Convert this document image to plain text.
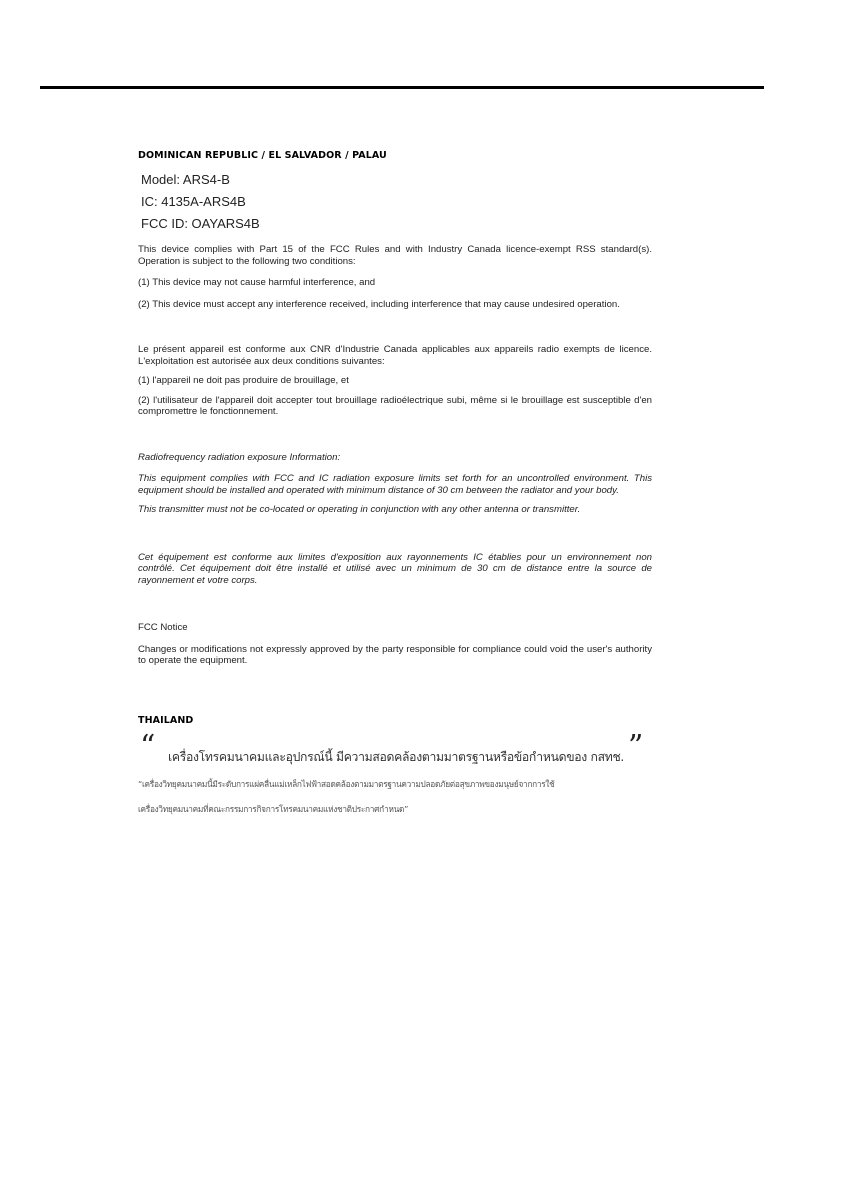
DOMINICAN REPUBLIC / EL SALVADOR / PALAU
Model: ARS4-B
IC: 4135A-ARS4B
FCC ID: OAYARS4B

This device complies with Part 15 of the FCC Rules and with Industry Canada licence-exempt RSS standard(s). Operation is subject to the following two conditions:

(1) This device may not cause harmful interference, and

(2) This device must accept any interference received, including interference that may cause undesired operation.

Le présent appareil est conforme aux CNR d'Industrie Canada applicables aux appareils radio exempts de licence. L'exploitation est autorisée aux deux conditions suivantes:

(1) l'appareil ne doit pas produire de brouillage, et

(2) l'utilisateur de l'appareil doit accepter tout brouillage radioélectrique subi, même si le brouillage est susceptible d'en compromettre le fonctionnement.

Radiofrequency radiation exposure Information:

This equipment complies with FCC and IC radiation exposure limits set forth for an uncontrolled environment. This equipment should be installed and operated with minimum distance of 30 cm between the radiator and your body.

This transmitter must not be co-located or operating in conjunction with any other antenna or transmitter.

Cet équipement est conforme aux limites d'exposition aux rayonnements IC établies pour un environnement non contrôlé. Cet équipement doit être installé et utilisé avec un minimum de 30 cm de distance entre la source de rayonnement et votre corps.

FCC Notice

Changes or modifications not expressly approved by the party responsible for compliance could void the user's authority to operate the equipment.

THAILAND
“ เครื่องโทรคมนาคมและอุปกรณ์นี้ มีความสอดคล้องตามมาตรฐานหรือข้อกำหนดของ กสทช. ”
“เครื่องวิทยุคมนาคมนี้มีระดับการแผ่คลื่นแม่เหล็กไฟฟ้าสอดคล้องตามมาตรฐานความปลอดภัยต่อสุขภาพของมนุษย์จากการใช้
เครื่องวิทยุคมนาคมที่คณะกรรมการกิจการโทรคมนาคมแห่งชาติประกาศกำหนด”
